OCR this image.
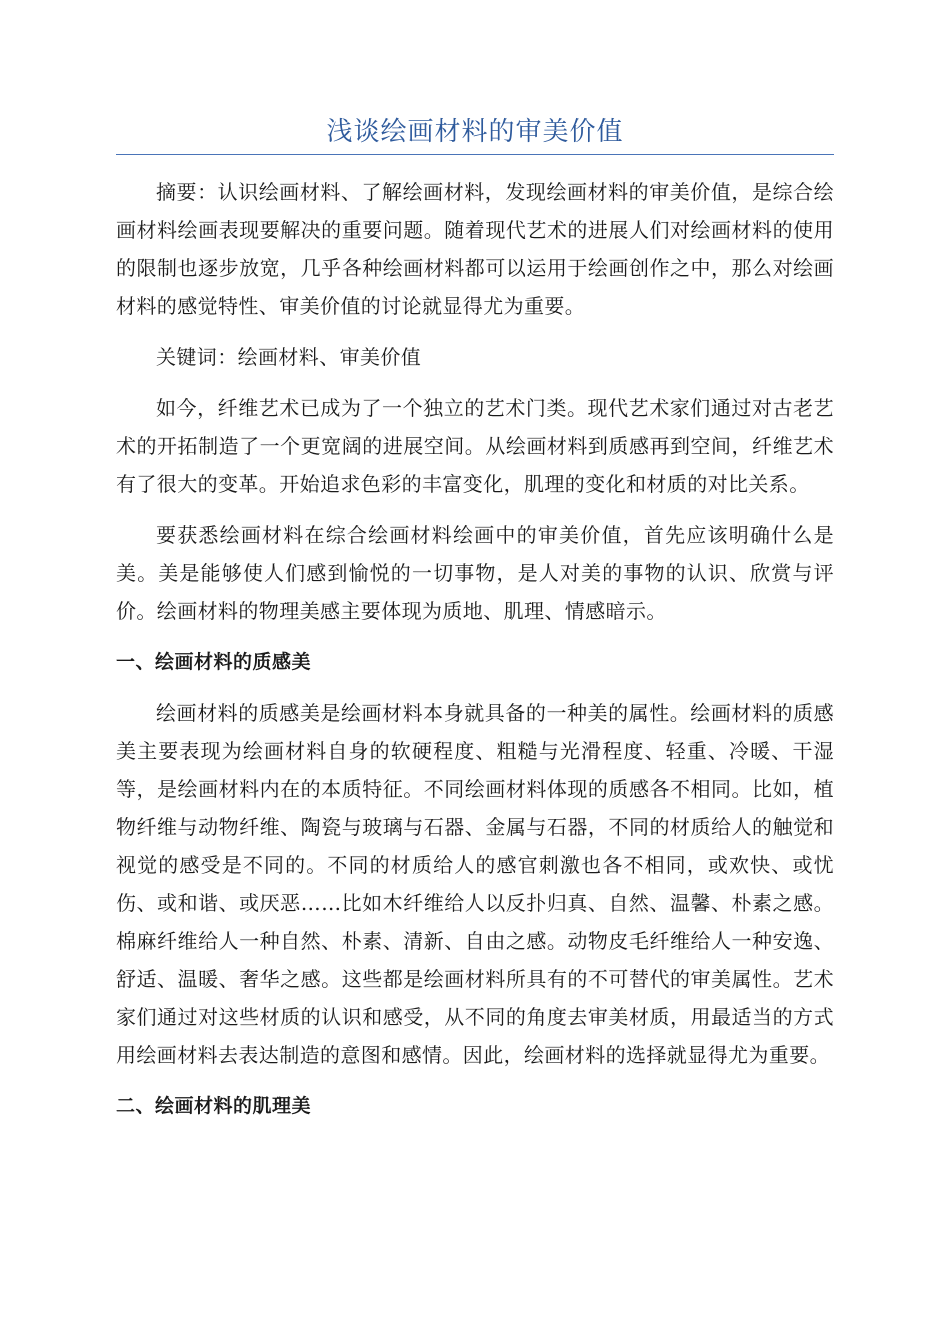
浅谈绘画材料的审美价值

摘要：认识绘画材料、了解绘画材料，发现绘画材料的审美价值，是综合绘画材料绘画表现要解决的重要问题。随着现代艺术的进展人们对绘画材料的使用的限制也逐步放宽，几乎各种绘画材料都可以运用于绘画创作之中，那么对绘画材料的感觉特性、审美价值的讨论就显得尤为重要。

关键词：绘画材料、审美价值

如今，纤维艺术已成为了一个独立的艺术门类。现代艺术家们通过对古老艺术的开拓制造了一个更宽阔的进展空间。从绘画材料到质感再到空间，纤维艺术有了很大的变革。开始追求色彩的丰富变化，肌理的变化和材质的对比关系。

要获悉绘画材料在综合绘画材料绘画中的审美价值，首先应该明确什么是美。美是能够使人们感到愉悦的一切事物，是人对美的事物的认识、欣赏与评价。绘画材料的物理美感主要体现为质地、肌理、情感暗示。

一、绘画材料的质感美

绘画材料的质感美是绘画材料本身就具备的一种美的属性。绘画材料的质感美主要表现为绘画材料自身的软硬程度、粗糙与光滑程度、轻重、冷暖、干湿等，是绘画材料内在的本质特征。不同绘画材料体现的质感各不相同。比如，植物纤维与动物纤维、陶瓷与玻璃与石器、金属与石器，不同的材质给人的触觉和视觉的感受是不同的。不同的材质给人的感官刺激也各不相同，或欢快、或忧伤、或和谐、或厌恶……比如木纤维给人以反扑归真、自然、温馨、朴素之感。棉麻纤维给人一种自然、朴素、清新、自由之感。动物皮毛纤维给人一种安逸、舒适、温暖、奢华之感。这些都是绘画材料所具有的不可替代的审美属性。艺术家们通过对这些材质的认识和感受，从不同的角度去审美材质，用最适当的方式用绘画材料去表达制造的意图和感情。因此，绘画材料的选择就显得尤为重要。

二、绘画材料的肌理美
